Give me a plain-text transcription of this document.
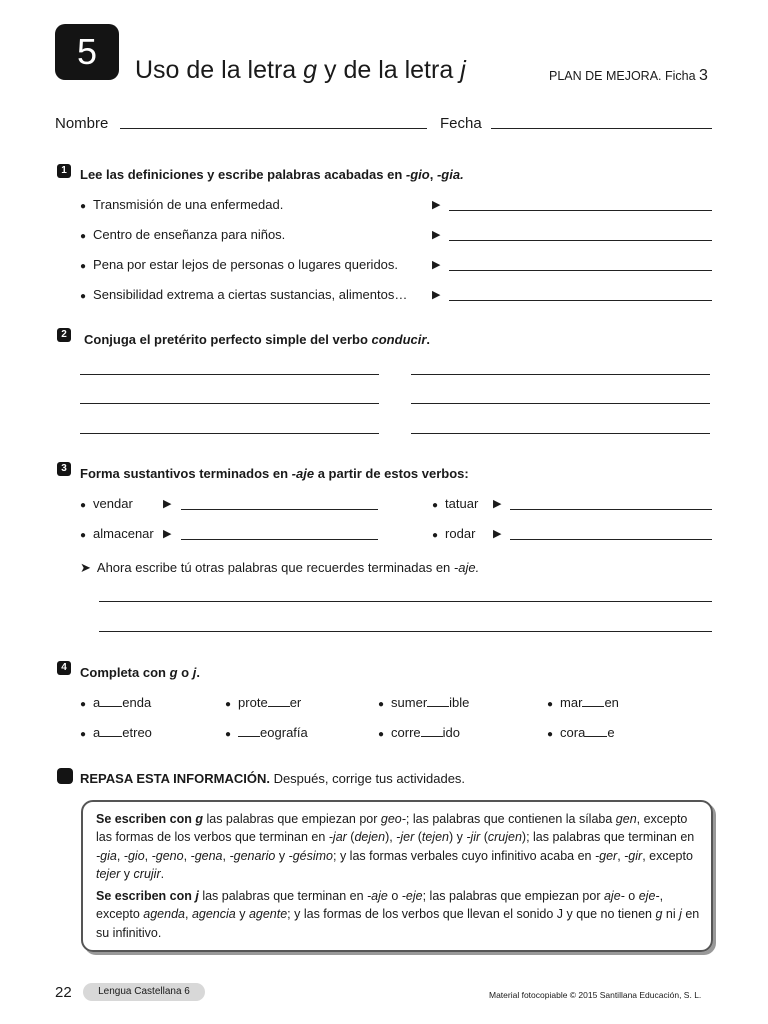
5	Uso de la letra g y de la letra j	PLAN DE MEJORA. Ficha 3
Nombre	Fecha
1	Lee las definiciones y escribe palabras acabadas en -gio, -gia.
● Transmisión de una enfermedad.	▶
● Centro de enseñanza para niños.	▶
● Pena por estar lejos de personas o lugares queridos.	▶
● Sensibilidad extrema a ciertas sustancias, alimentos… ▶
2	Conjuga el pretérito perfecto simple del verbo conducir.
3	Forma sustantivos terminados en -aje a partir de estos verbos:
● vendar	▶	● tatuar ▶
● almacenar ▶	● rodar ▶
➤ Ahora escribe tú otras palabras que recuerdes terminadas en -aje.
4	Completa con g o j.
● a enda	● prote er	● sumer ible	● mar en
● a etreo	● eografía	● corre ido	● cora e
REPASA ESTA INFORMACIÓN. Después, corrige tus actividades.
Se escriben con g las palabras que empiezan por geo-; las palabras que contienen la sílaba gen, excepto las formas de los verbos que terminan en -jar (dejen), -jer (tejen) y -jir (crujen); las palabras que terminan en -gia, -gio, -geno, -gena, -genario y -gésimo; y las formas verbales cuyo infinitivo acaba en -ger, -gir, excepto tejer y crujir.
Se escriben con j las palabras que terminan en -aje o -eje; las palabras que empiezan por aje- o eje-, excepto agenda, agencia y agente; y las formas de los verbos que llevan el sonido J y que no tienen g ni j en su infinitivo.
22	Lengua Castellana 6	Material fotocopiable © 2015 Santillana Educación, S. L.
